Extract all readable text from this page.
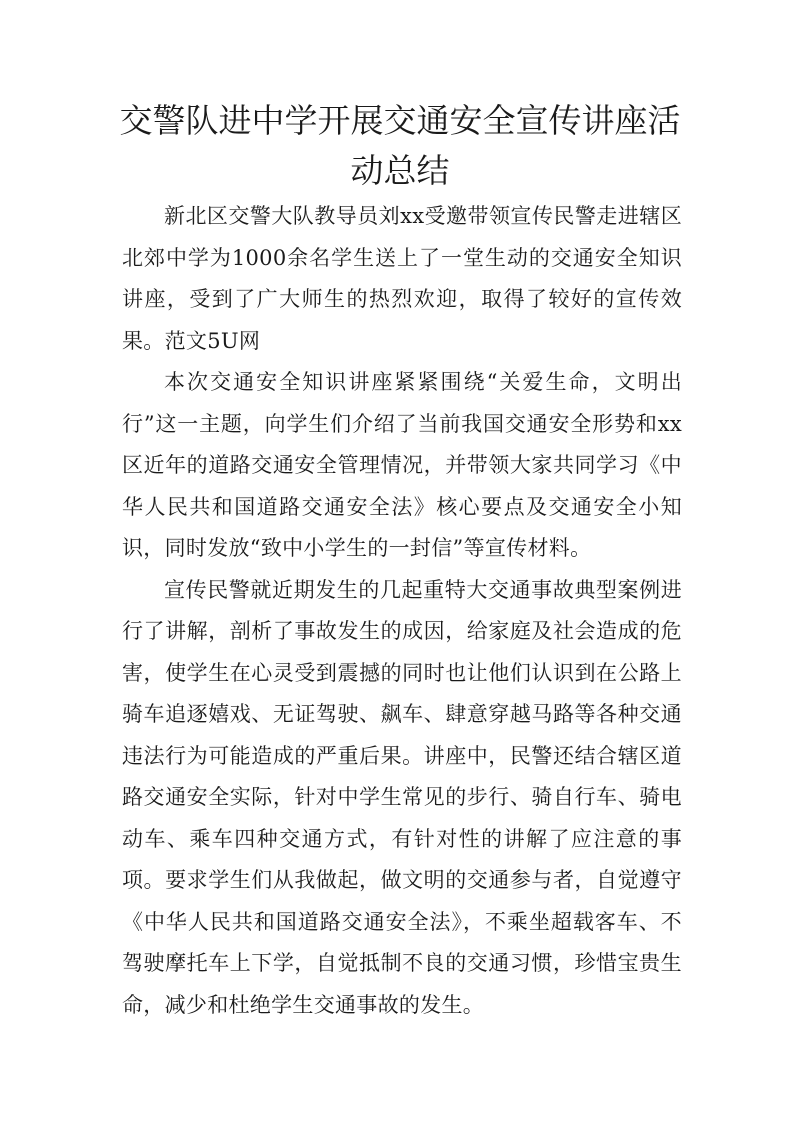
交警队进中学开展交通安全宣传讲座活动总结

新北区交警大队教导员刘xx受邀带领宣传民警走进辖区北郊中学为1000余名学生送上了一堂生动的交通安全知识讲座，受到了广大师生的热烈欢迎，取得了较好的宣传效果。范文5U网

本次交通安全知识讲座紧紧围绕“关爱生命，文明出行”这一主题，向学生们介绍了当前我国交通安全形势和xx区近年的道路交通安全管理情况，并带领大家共同学习《中华人民共和国道路交通安全法》核心要点及交通安全小知识，同时发放“致中小学生的一封信”等宣传材料。

宣传民警就近期发生的几起重特大交通事故典型案例进行了讲解，剖析了事故发生的成因，给家庭及社会造成的危害，使学生在心灵受到震撼的同时也让他们认识到在公路上骑车追逐嬉戏、无证驾驶、飙车、肆意穿越马路等各种交通违法行为可能造成的严重后果。讲座中，民警还结合辖区道路交通安全实际，针对中学生常见的步行、骑自行车、骑电动车、乘车四种交通方式，有针对性的讲解了应注意的事项。要求学生们从我做起，做文明的交通参与者，自觉遵守《中华人民共和国道路交通安全法》，不乘坐超载客车、不驾驶摩托车上下学，自觉抵制不良的交通习惯，珍惜宝贵生命，减少和杜绝学生交通事故的发生。
